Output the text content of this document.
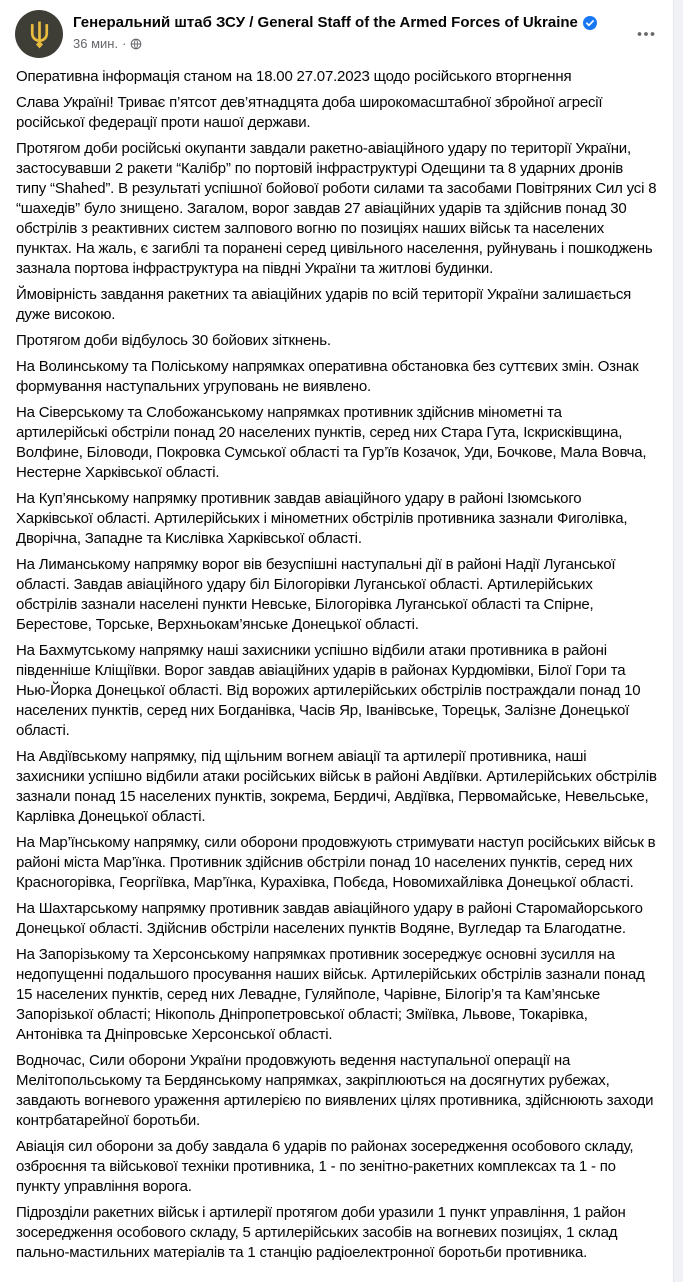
Генеральний штаб ЗСУ / General Staff of the Armed Forces of Ukraine
36 мин. ·

Оперативна інформація станом на 18.00 27.07.2023 щодо російського вторгнення

Слава Україні! Триває п’ятсот дев’ятнадцята доба широкомасштабної збройної агресії російської федерації проти нашої держави.

Протягом доби російські окупанти завдали ракетно-авіаційного удару по території України, застосувавши 2 ракети “Калібр” по портовій інфраструктурі Одещини та 8 ударних дронів типу “Shahed”. В результаті успішної бойової роботи силами та засобами Повітряних Сил усі 8 “шахедів” було знищено. Загалом, ворог завдав 27 авіаційних ударів та здійснив понад 30 обстрілів з реактивних систем залпового вогню по позиціях наших військ та населених пунктах. На жаль, є загиблі та поранені серед цивільного населення, руйнувань і пошкоджень зазнала портова інфраструктура на півдні України та житлові будинки.

Ймовірність завдання ракетних та авіаційних ударів по всій території України залишається дуже високою.

Протягом доби відбулось 30 бойових зіткнень.

На Волинському та Поліському напрямках оперативна обстановка без суттєвих змін. Ознак формування наступальних угруповань не виявлено.

На Сіверському та Слобожанському напрямках противник здійснив мінометні та артилерійські обстріли понад 20 населених пунктів, серед них Стара Гута, Іскрисківщина, Волфине, Біловоди, Покровка Сумської області та Гур’їв Козачок, Уди, Бочкове, Мала Вовча, Нестерне Харківської області.

На Куп’янському напрямку противник завдав авіаційного удару в районі Ізюмського Харківської області. Артилерійських і мінометних обстрілів противника зазнали Фиголівка, Дворічна, Западне та Кислівка Харківської області.

На Лиманському напрямку ворог вів безуспішні наступальні дії в районі Надії Луганської області. Завдав авіаційного удару біл Білогорівки Луганської області. Артилерійських обстрілів зазнали населені пункти Невське, Білогорівка Луганської області та Спірне, Берестове, Торське, Верхньокам’янське Донецької області.

На Бахмутському напрямку наші захисники успішно відбили атаки противника в районі південніше Кліщіївки. Ворог завдав авіаційних ударів в районах Курдюмівки, Білої Гори та Нью-Йорка Донецької області. Від ворожих артилерійських обстрілів постраждали понад 10 населених пунктів, серед них Богданівка, Часів Яр, Іванівське, Торецьк, Залізне Донецької області.

На Авдіївському напрямку, під щільним вогнем авіації та артилерії противника, наші захисники успішно відбили атаки російських військ в районі Авдіївки. Артилерійських обстрілів зазнали понад 15 населених пунктів, зокрема, Бердичі, Авдіївка, Первомайське, Невельське, Карлівка Донецької області.

На Мар’їнському напрямку, сили оборони продовжують стримувати наступ російських військ в районі міста Мар’їнка. Противник здійснив обстріли понад 10 населених пунктів, серед них Красногорівка, Георгіївка, Мар’їнка, Курахівка, Побєда, Новомихайлівка Донецької області.

На Шахтарському напрямку противник завдав авіаційного удару в районі Старомайорського Донецької області. Здійснив обстріли населених пунктів Водяне, Вугледар та Благодатне.

На Запорізькому та Херсонському напрямках противник зосереджує основні зусилля на недопущенні подальшого просування наших військ. Артилерійських обстрілів зазнали понад 15 населених пунктів, серед них Левадне, Гуляйполе, Чарівне, Білогір’я та Кам’янське Запорізької області; Нікополь Дніпропетровської області; Зміївка, Львове, Токарівка, Антонівка та Дніпровське Херсонської області.

Водночас, Сили оборони України продовжують ведення наступальної операції на Мелітопольському та Бердянському напрямках, закріплюються на досягнутих рубежах, завдають вогневого ураження артилерією по виявлених цілях противника, здійснюють заходи контрбатарейної боротьби.

Авіація сил оборони за добу завдала 6 ударів по районах зосередження особового складу, озброєння та військової техніки противника, 1 - по зенітно-ракетних комплексах та 1 - по пункту управління ворога.

Підрозділи ракетних військ і артилерії протягом доби уразили 1 пункт управління, 1 район зосередження особового складу, 5 артилерійських засобів на вогневих позиціях, 1 склад пально-мастильних матеріалів та 1 станцію радіоелектронної боротьби противника.
